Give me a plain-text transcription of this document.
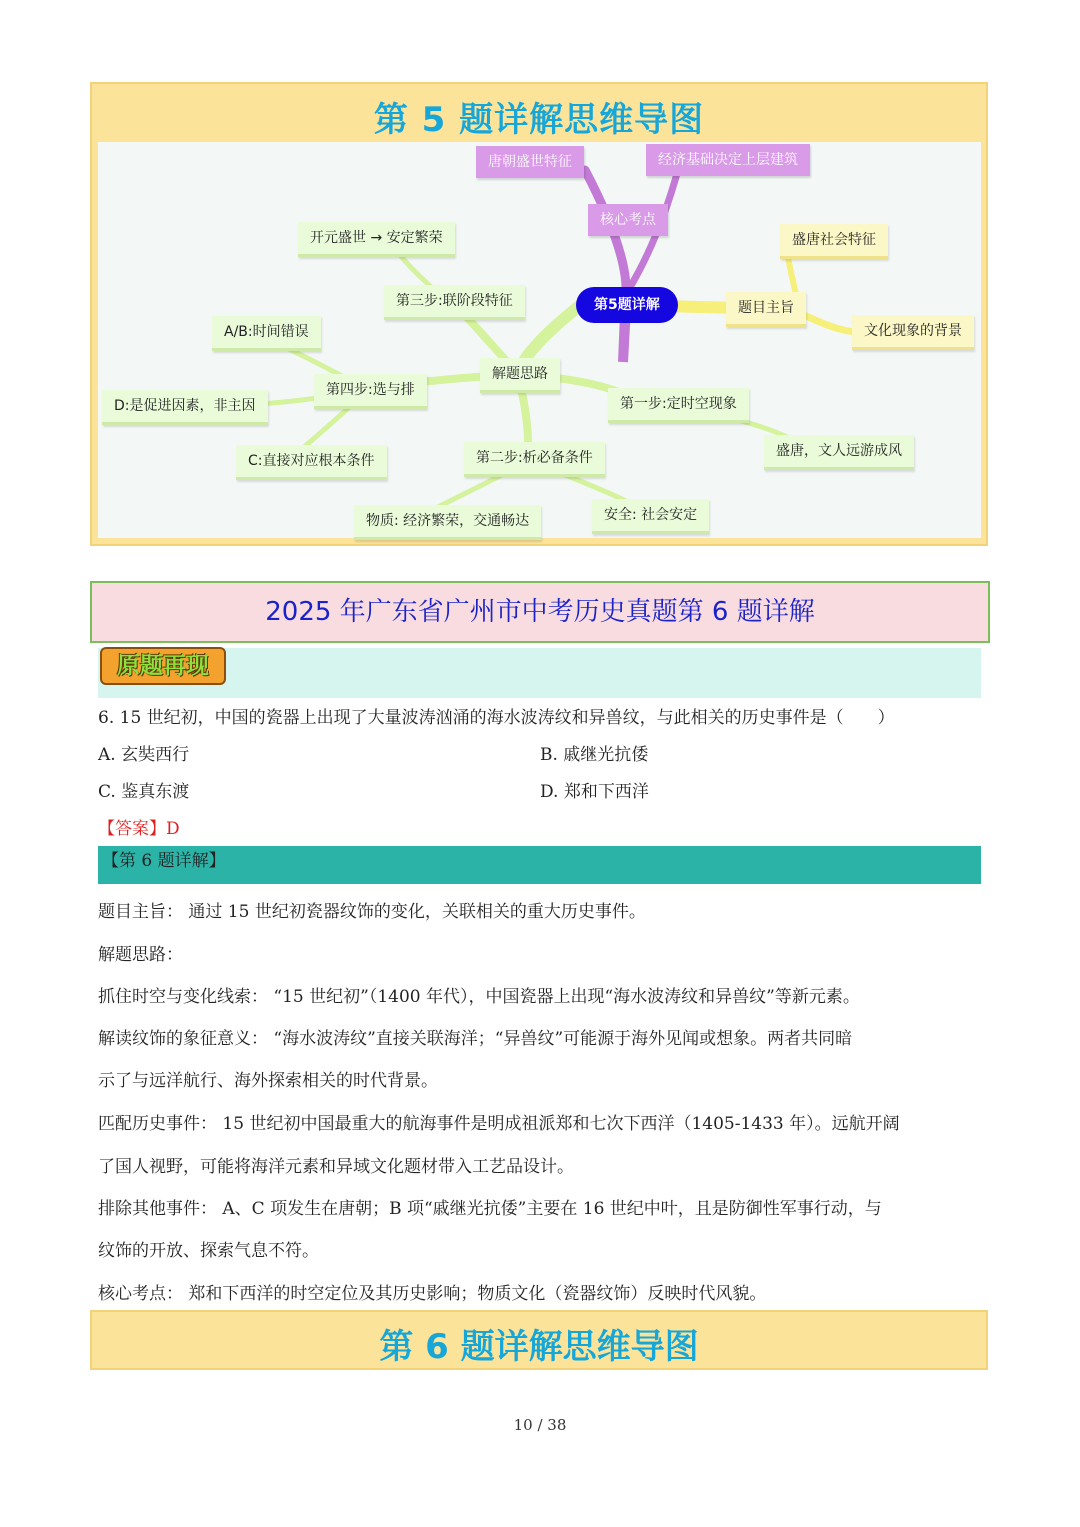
第 5 题详解思维导图
唐朝盛世特征	经济基础决定上层建筑
核心考点
开元盛世 → 安定繁荣
第三步:联阶段特征	第5题详解	题目主旨
盛唐社会特征
文化现象的背景
A/B:时间错误
解题思路
第四步:选与排
D:是促进因素，非主因	第一步:定时空现象
C:直接对应根本条件	第二步:析必备条件	盛唐，文人远游成风
安全: 社会安定
物质: 经济繁荣，交通畅达
2025 年广东省广州市中考历史真题第 6 题详解
原题再现
6. 15 世纪初，中国的瓷器上出现了大量波涛汹涌的海水波涛纹和异兽纹，与此相关的历史事件是（　　）
A. 玄奘西行	B. 戚继光抗倭
C. 鉴真东渡	D. 郑和下西洋
【答案】D
【第 6 题详解】
题目主旨： 通过 15 世纪初瓷器纹饰的变化，关联相关的重大历史事件。
解题思路：
抓住时空与变化线索： “15 世纪初”（1400 年代），中国瓷器上出现“海水波涛纹和异兽纹”等新元素。
解读纹饰的象征意义： “海水波涛纹”直接关联海洋；“异兽纹”可能源于海外见闻或想象。两者共同暗
示了与远洋航行、海外探索相关的时代背景。
匹配历史事件： 15 世纪初中国最重大的航海事件是明成祖派郑和七次下西洋（1405-1433 年）。远航开阔
了国人视野，可能将海洋元素和异域文化题材带入工艺品设计。
排除其他事件： A、C 项发生在唐朝；B 项“戚继光抗倭”主要在 16 世纪中叶，且是防御性军事行动，与
纹饰的开放、探索气息不符。
核心考点： 郑和下西洋的时空定位及其历史影响；物质文化（瓷器纹饰）反映时代风貌。
第 6 题详解思维导图
10 / 38
